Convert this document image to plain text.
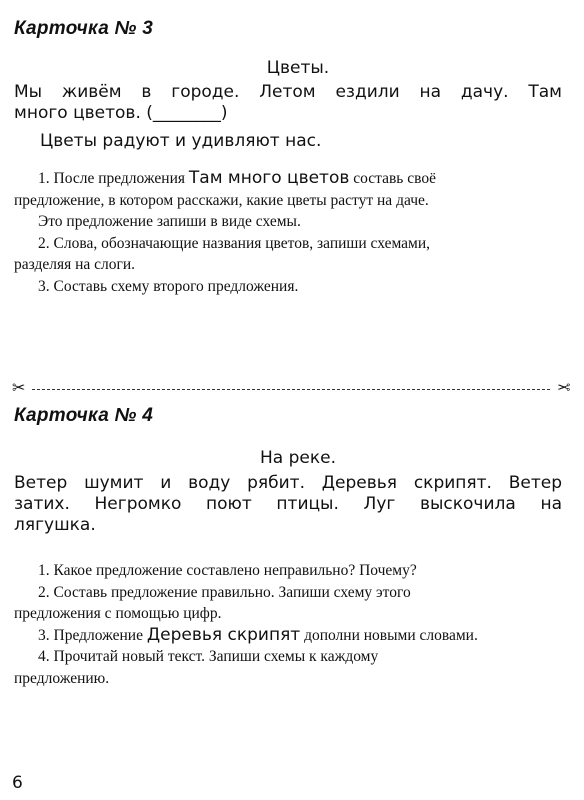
Карточка № 3
Цветы.
Мы живём в городе. Летом ездили на дачу. Там
много цветов. (________)
Цветы радуют и удивляют нас.
1. После предложения Там много цветов составь своё
предложение, в котором расскажи, какие цветы растут на даче.
Это предложение запиши в виде схемы.
2. Слова, обозначающие названия цветов, запиши схемами,
разделяя на слоги.
3. Составь схему второго предложения.
✂	✂
Карточка № 4
На реке.
Ветер шумит и воду рябит. Деревья скрипят. Ветер
затих. Негромко поют птицы. Луг выскочила на
лягушка.
1. Какое предложение составлено неправильно? Почему?
2. Составь предложение правильно. Запиши схему этого
предложения с помощью цифр.
3. Предложение Деревья скрипят дополни новыми словами.
4. Прочитай новый текст. Запиши схемы к каждому
предложению.
6
